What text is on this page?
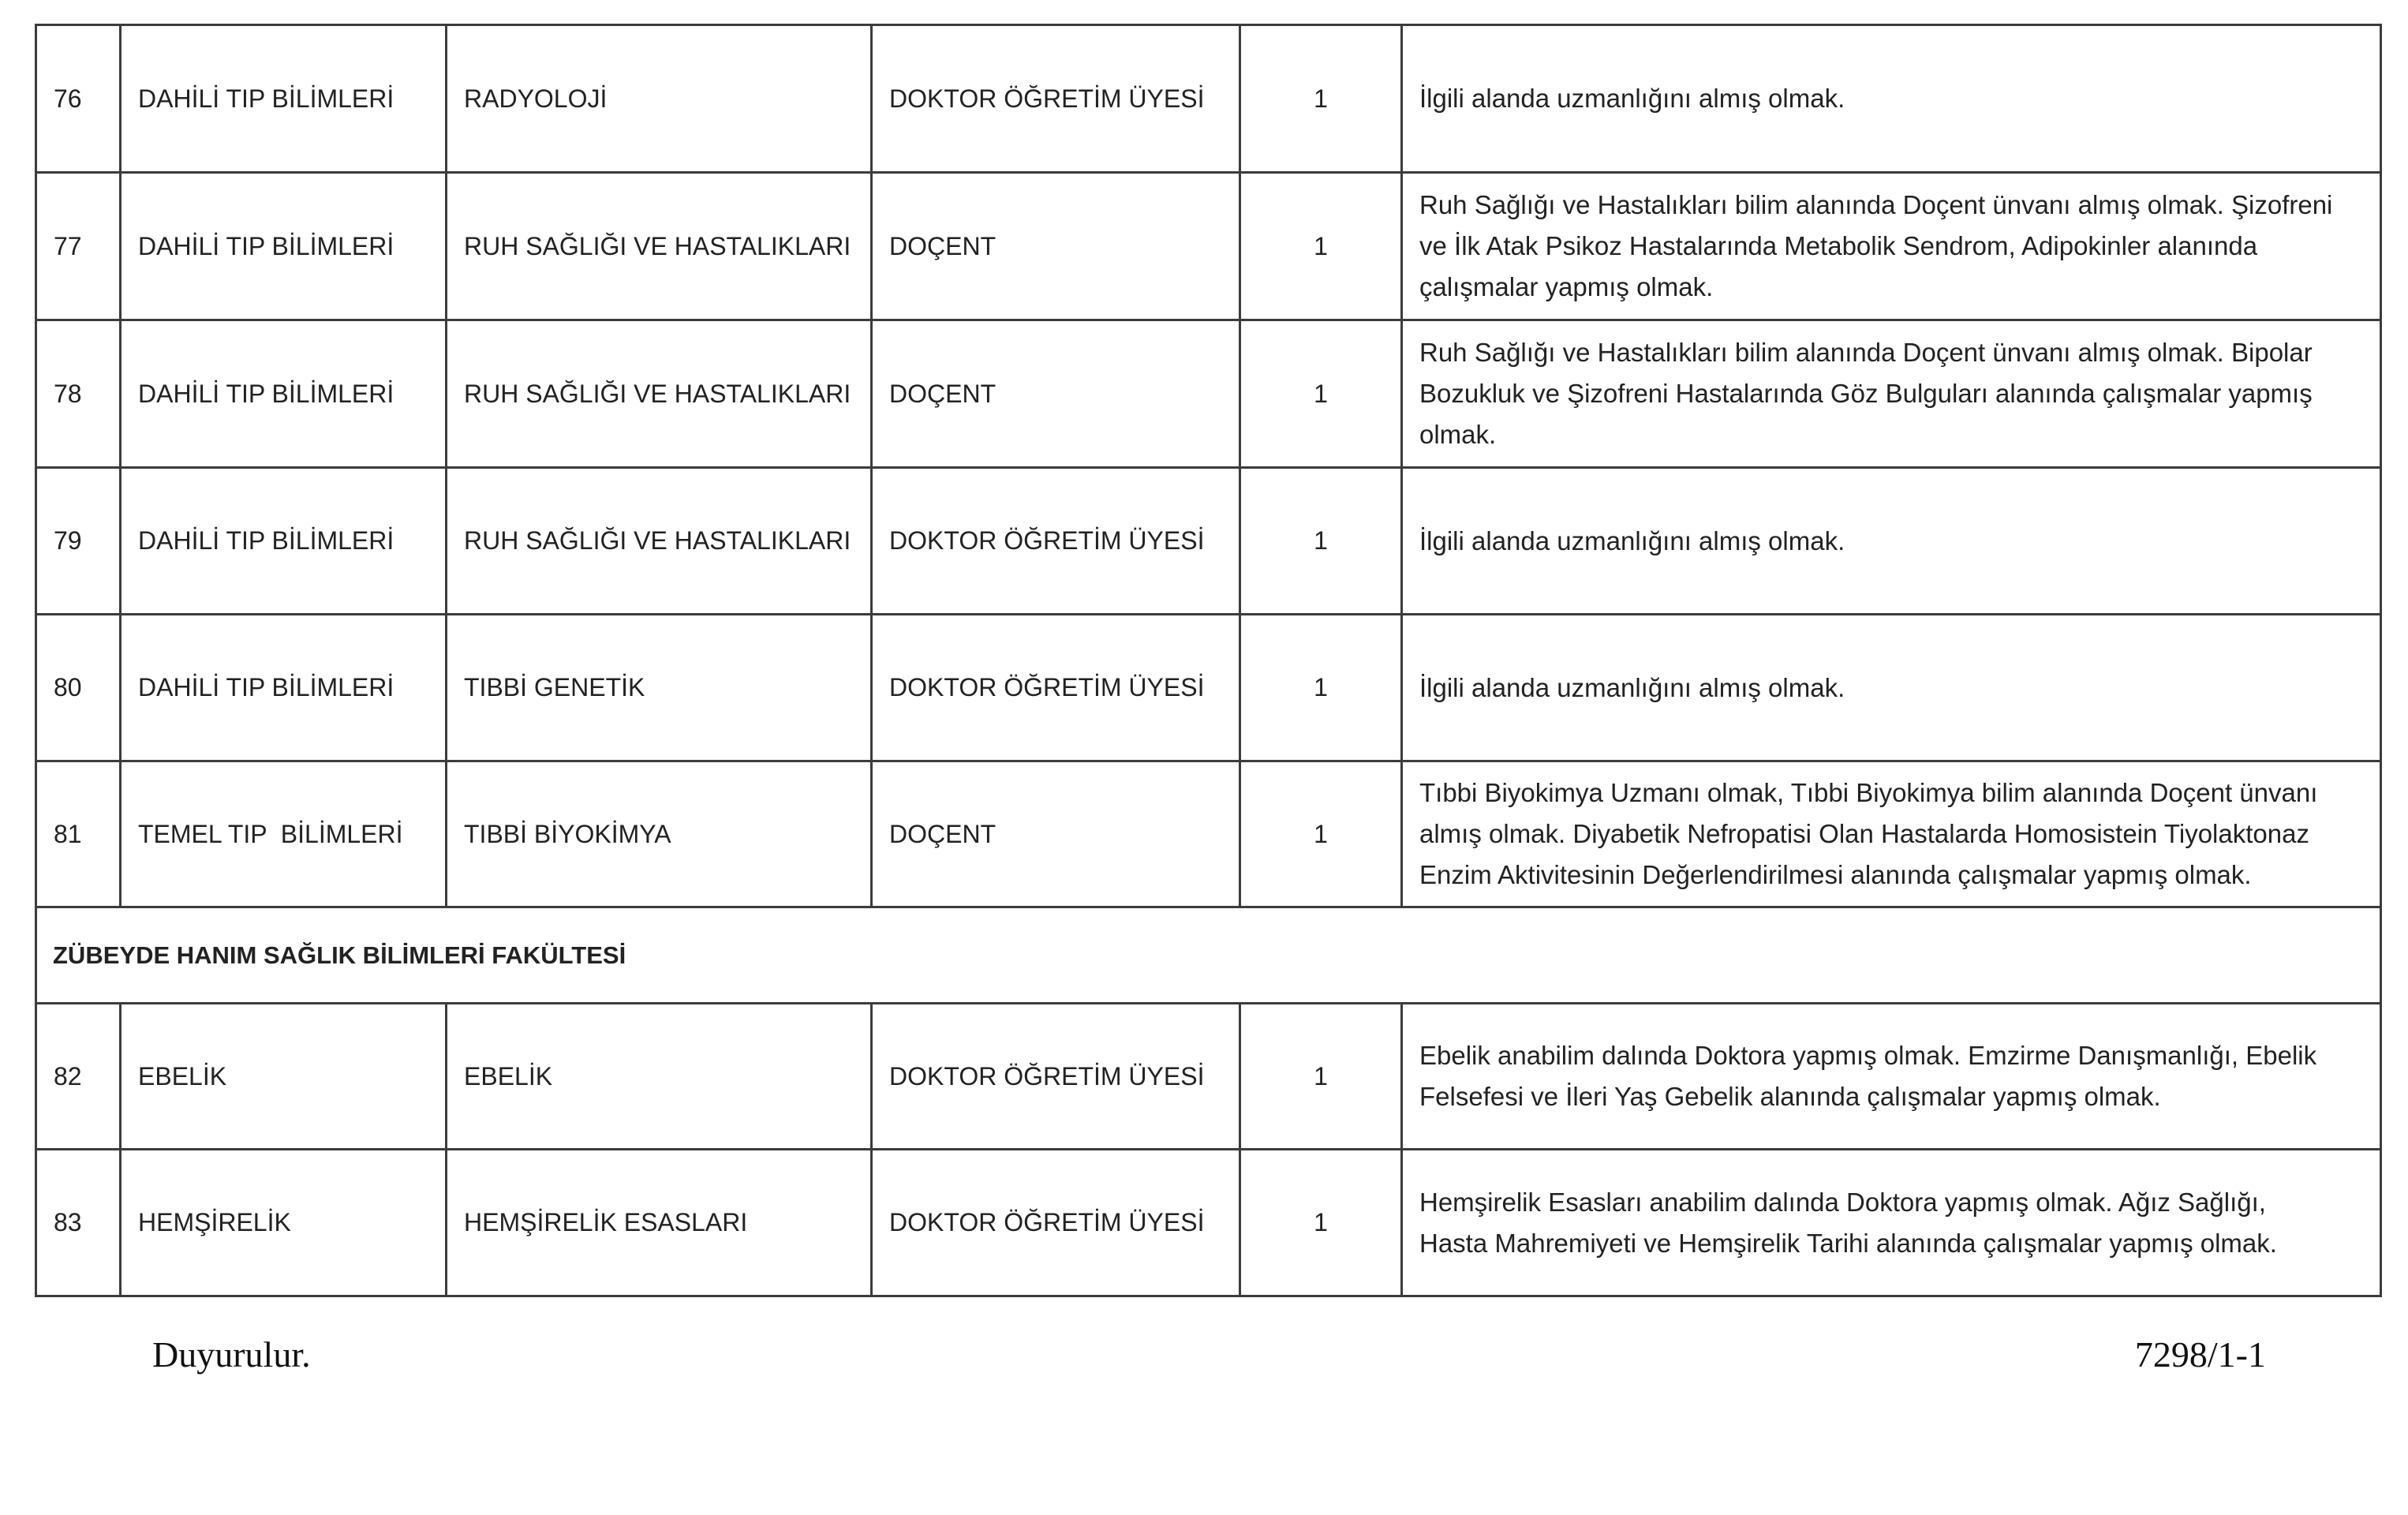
76	DAHİLİ TIP BİLİMLERİ	RADYOLOJİ	DOKTOR ÖĞRETİM ÜYESİ	1	İlgili alanda uzmanlığını almış olmak.
77	DAHİLİ TIP BİLİMLERİ	RUH SAĞLIĞI VE HASTALIKLARI	DOÇENT	1
Ruh Sağlığı ve Hastalıkları bilim alanında Doçent ünvanı almış olmak. Şizofreni
ve İlk Atak Psikoz Hastalarında Metabolik Sendrom, Adipokinler alanında
çalışmalar yapmış olmak.
78	DAHİLİ TIP BİLİMLERİ	RUH SAĞLIĞI VE HASTALIKLARI	DOÇENT	1
Ruh Sağlığı ve Hastalıkları bilim alanında Doçent ünvanı almış olmak. Bipolar
Bozukluk ve Şizofreni Hastalarında Göz Bulguları alanında çalışmalar yapmış
olmak.
79	DAHİLİ TIP BİLİMLERİ	RUH SAĞLIĞI VE HASTALIKLARI	DOKTOR ÖĞRETİM ÜYESİ	1	İlgili alanda uzmanlığını almış olmak.
80	DAHİLİ TIP BİLİMLERİ	TIBBİ GENETİK	DOKTOR ÖĞRETİM ÜYESİ	1	İlgili alanda uzmanlığını almış olmak.
81	TEMEL TIP  BİLİMLERİ	TIBBİ BİYOKİMYA	DOÇENT	1
Tıbbi Biyokimya Uzmanı olmak, Tıbbi Biyokimya bilim alanında Doçent ünvanı
almış olmak. Diyabetik Nefropatisi Olan Hastalarda Homosistein Tiyolaktonaz
Enzim Aktivitesinin Değerlendirilmesi alanında çalışmalar yapmış olmak.
ZÜBEYDE HANIM SAĞLIK BİLİMLERİ FAKÜLTESİ
82	EBELİK	EBELİK	DOKTOR ÖĞRETİM ÜYESİ	1
Ebelik anabilim dalında Doktora yapmış olmak. Emzirme Danışmanlığı, Ebelik
Felsefesi ve İleri Yaş Gebelik alanında çalışmalar yapmış olmak.
83	HEMŞİRELİK	HEMŞİRELİK ESASLARI	DOKTOR ÖĞRETİM ÜYESİ	1
Hemşirelik Esasları anabilim dalında Doktora yapmış olmak. Ağız Sağlığı,
Hasta Mahremiyeti ve Hemşirelik Tarihi alanında çalışmalar yapmış olmak.
Duyurulur.	7298/1-1
